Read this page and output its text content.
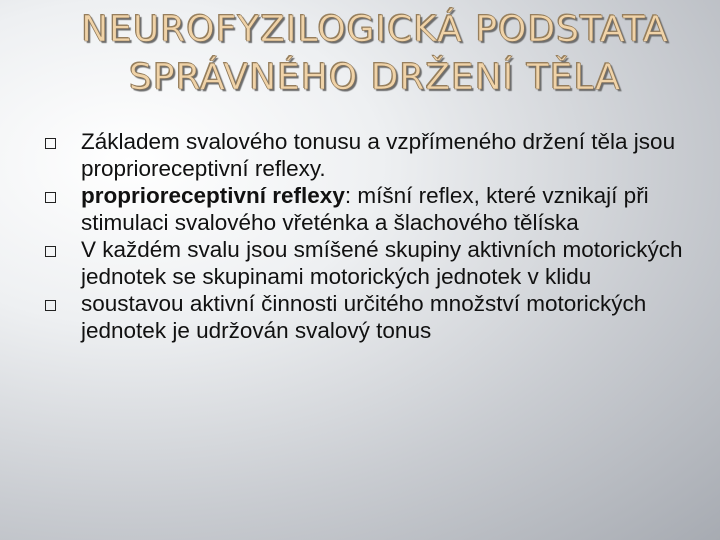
NEUROFYZILOGICKÁ PODSTATA
SPRÁVNÉHO DRŽENÍ TĚLA
Základem svalového tonusu a vzpřímeného držení těla jsou proprioreceptivní reflexy.
proprioreceptivní reflexy: míšní reflex, které vznikají při stimulaci svalového vřeténka a šlachového tělíska
V každém svalu jsou smíšené skupiny aktivních motorických jednotek se skupinami motorických jednotek v klidu
soustavou aktivní činnosti určitého množství motorických jednotek je udržován svalový tonus
